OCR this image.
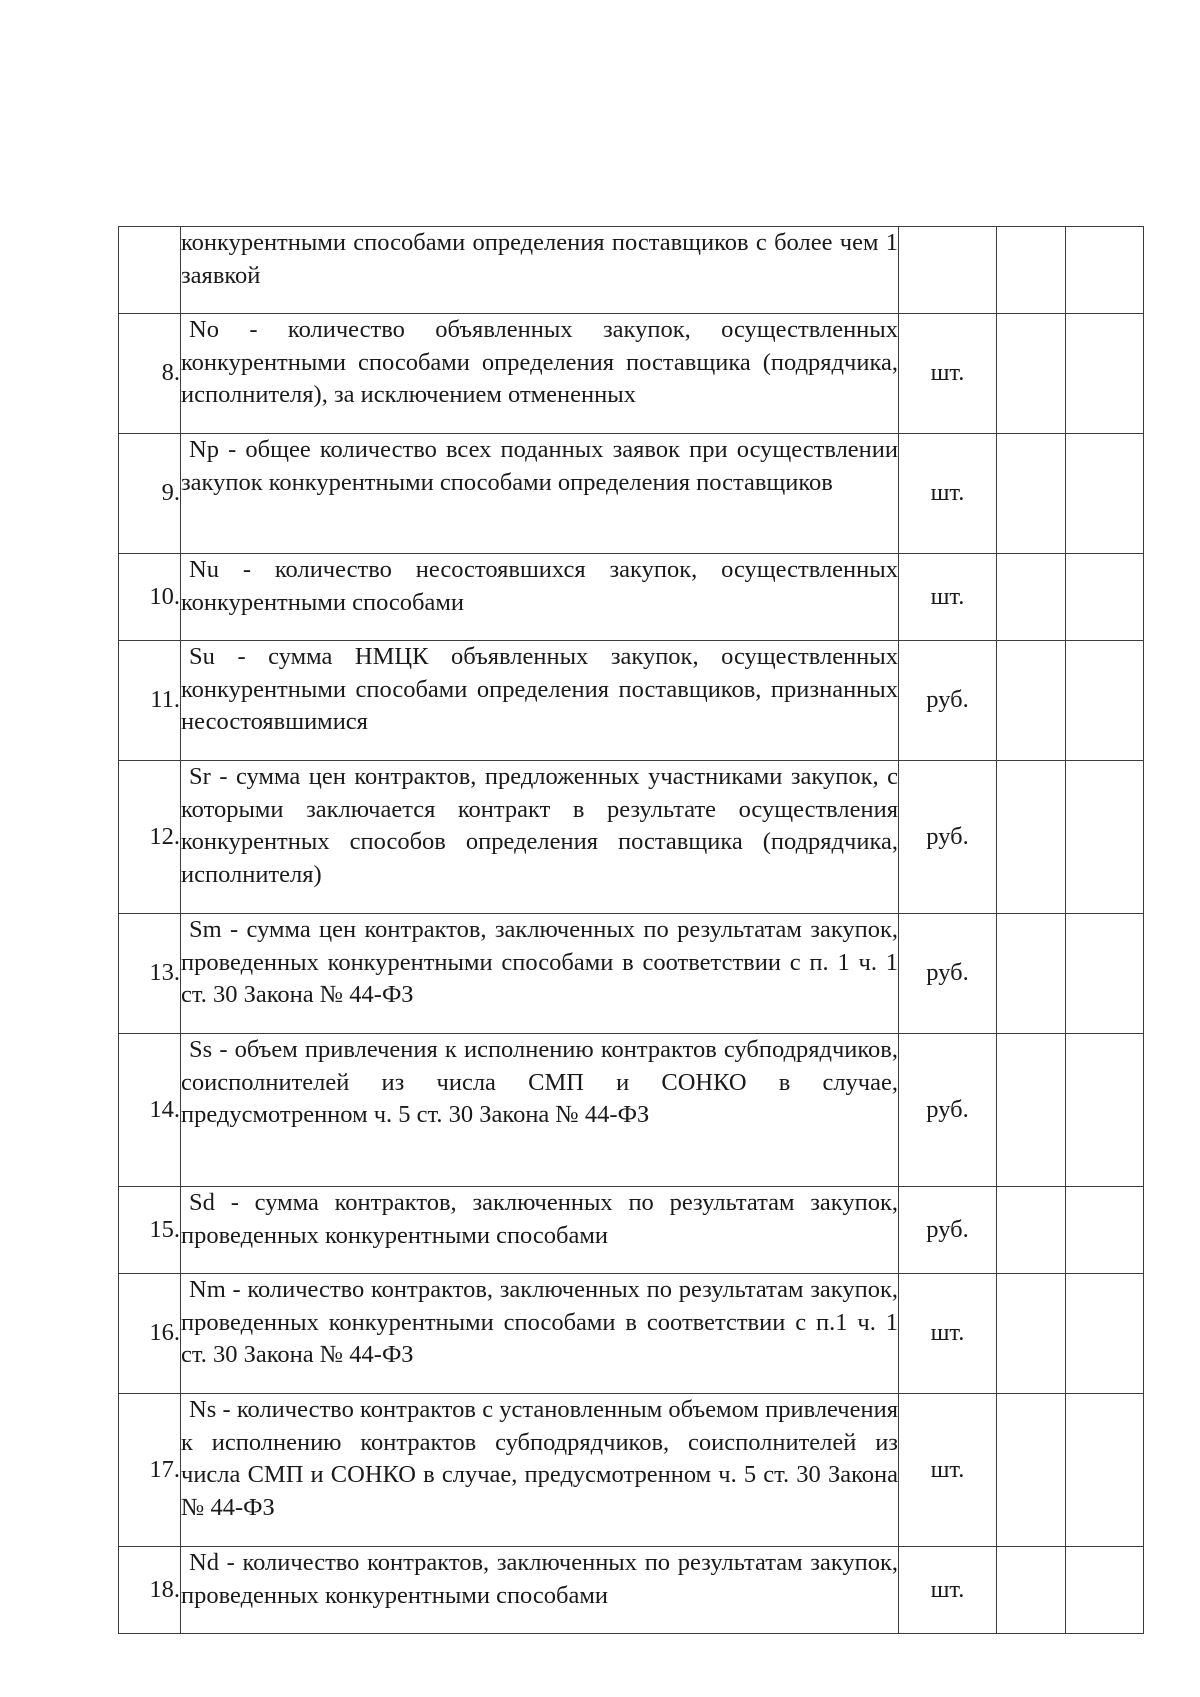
	конкурентными способами определения поставщиков с более чем 1 заявкой			
8.	No - количество объявленных закупок, осуществленных конкурентными способами определения поставщика (подрядчика, исполнителя), за исключением отмененных	шт.		
9.	Np - общее количество всех поданных заявок при осуществлении закупок конкурентными способами определения поставщиков	шт.		
10.	Nu - количество несостоявшихся закупок, осуществленных конкурентными способами	шт.		
11.	Su - сумма НМЦК объявленных закупок, осуществленных конкурентными способами определения поставщиков, признанных несостоявшимися	руб.		
12.	Sr - сумма цен контрактов, предложенных участниками закупок, с которыми заключается контракт в результате осуществления конкурентных способов определения поставщика (подрядчика, исполнителя)	руб.		
13.	Sm - сумма цен контрактов, заключенных по результатам закупок, проведенных конкурентными способами в соответствии с п. 1 ч. 1 ст. 30 Закона № 44-ФЗ	руб.		
14.	Ss - объем привлечения к исполнению контрактов субподрядчиков, соисполнителей из числа СМП и СОНКО в случае, предусмотренном ч. 5 ст. 30 Закона № 44-ФЗ	руб.		
15.	Sd - сумма контрактов, заключенных по результатам закупок, проведенных конкурентными способами	руб.		
16.	Nm - количество контрактов, заключенных по результатам закупок, проведенных конкурентными способами в соответствии с п.1 ч. 1 ст. 30 Закона № 44-ФЗ	шт.		
17.	Ns - количество контрактов с установленным объемом привлечения к исполнению контрактов субподрядчиков, соисполнителей из числа СМП и СОНКО в случае, предусмотренном ч. 5 ст. 30 Закона № 44-ФЗ	шт.		
18.	Nd - количество контрактов, заключенных по результатам закупок, проведенных конкурентными способами	шт.		
